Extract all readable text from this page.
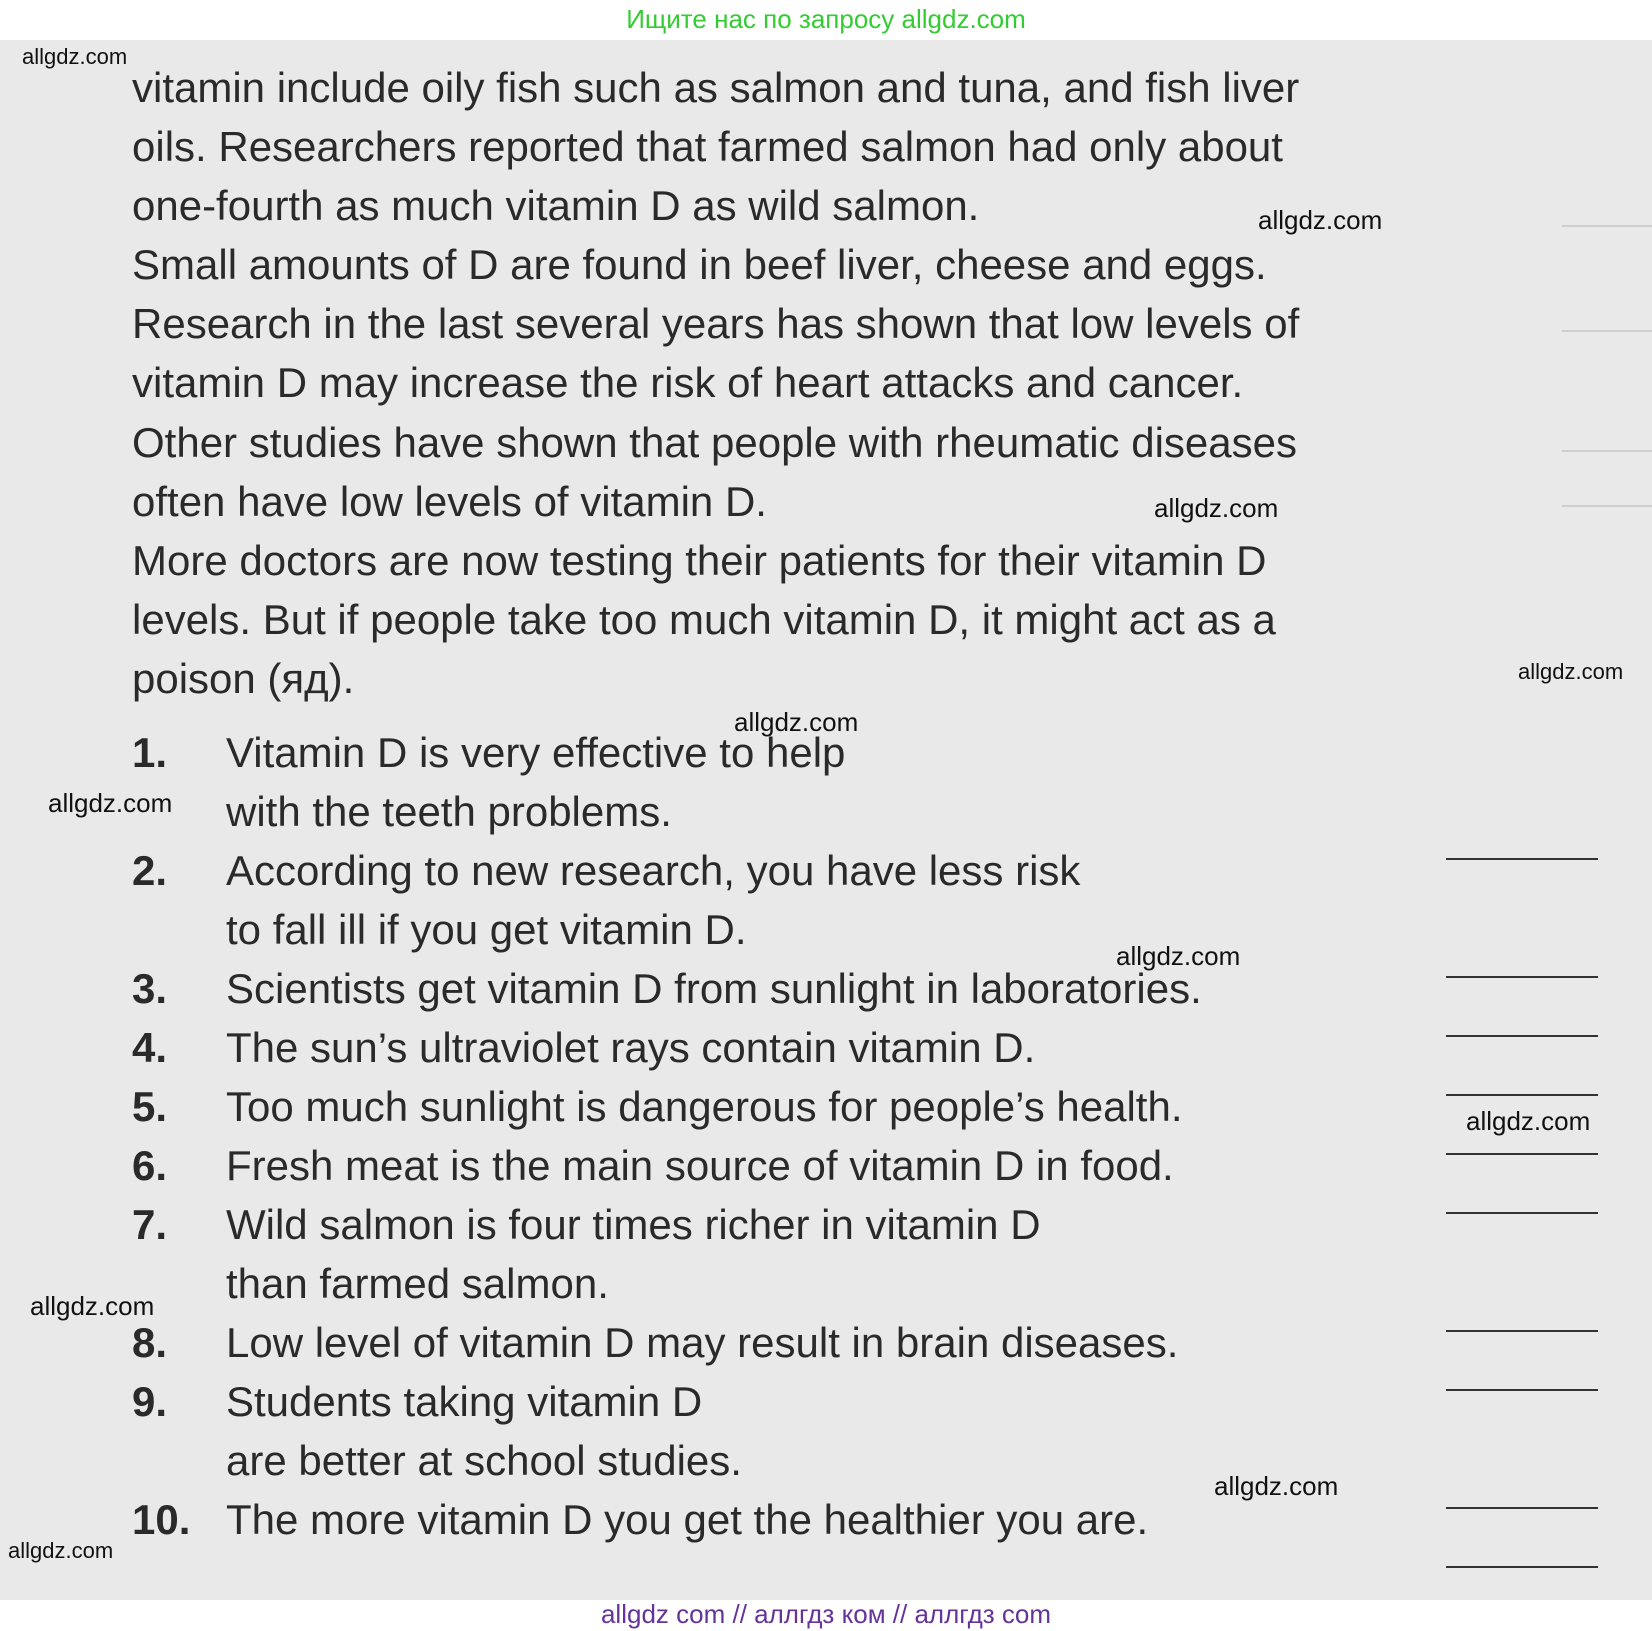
Ищите нас по запросу allgdz.com
vitamin include oily fish such as salmon and tuna, and fish liver
oils. Researchers reported that farmed salmon had only about
one-fourth as much vitamin D as wild salmon.
Small amounts of D are found in beef liver, cheese and eggs.
Research in the last several years has shown that low levels of
vitamin D may increase the risk of heart attacks and cancer.
Other studies have shown that people with rheumatic diseases
often have low levels of vitamin D.
More doctors are now testing their patients for their vitamin D
levels. But if people take too much vitamin D, it might act as a
poison (яд).
1. Vitamin D is very effective to help
with the teeth problems.
2. According to new research, you have less risk
to fall ill if you get vitamin D.
3. Scientists get vitamin D from sunlight in laboratories.
4. The sun’s ultraviolet rays contain vitamin D.
5. Too much sunlight is dangerous for people’s health.
6. Fresh meat is the main source of vitamin D in food.
7. Wild salmon is four times richer in vitamin D
than farmed salmon.
8. Low level of vitamin D may result in brain diseases.
9. Students taking vitamin D
are better at school studies.
10. The more vitamin D you get the healthier you are.
allgdz.com
allgdz.com
allgdz.com
allgdz.com
allgdz.com
allgdz.com
allgdz.com
allgdz.com
allgdz.com
allgdz.com
allgdz.com
allgdz com // аллгдз ком // аллгдз com
